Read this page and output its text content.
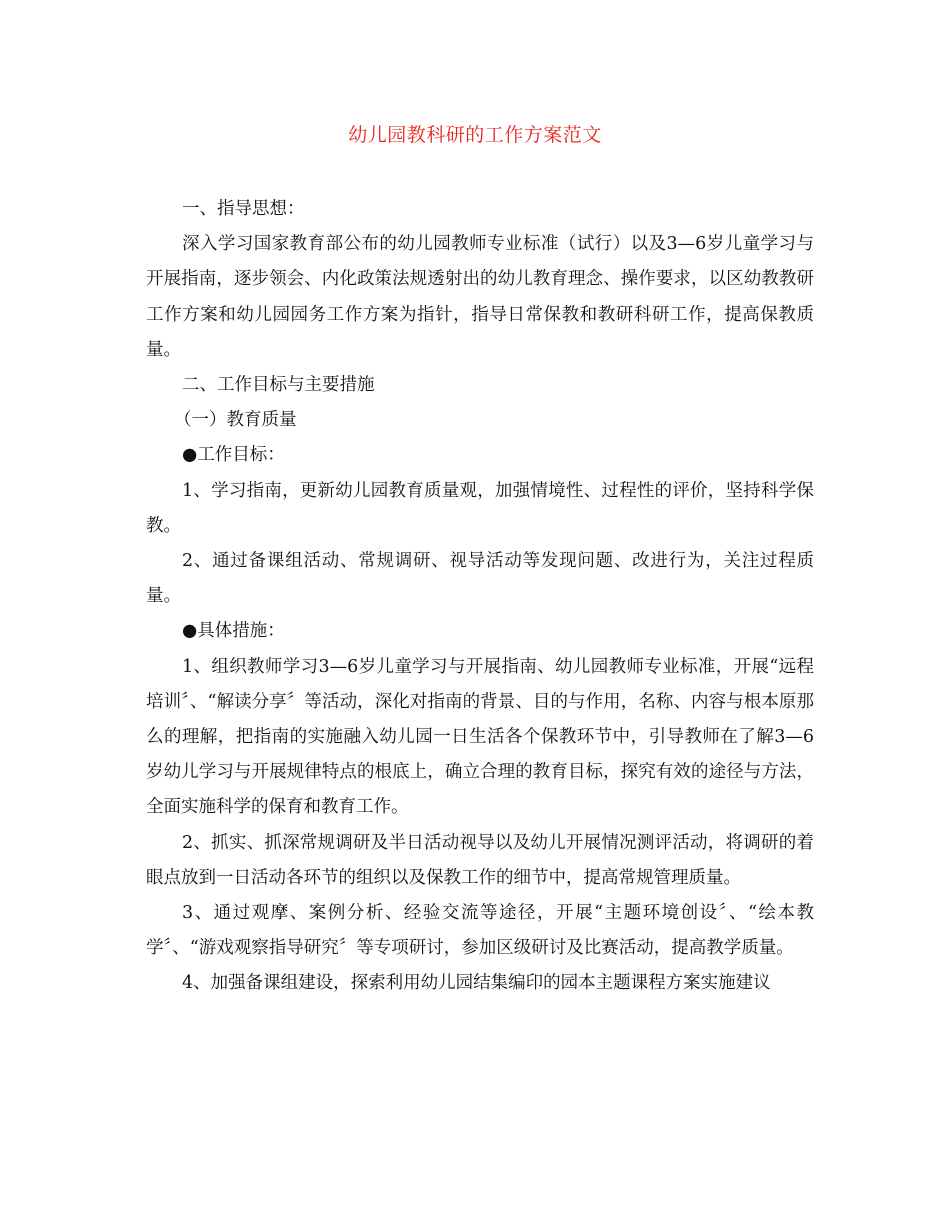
幼儿园教科研的工作方案范文

一、指导思想：

深入学习国家教育部公布的幼儿园教师专业标准（试行）以及3—6岁儿童学习与开展指南，逐步领会、内化政策法规透射出的幼儿教育理念、操作要求，以区幼教教研工作方案和幼儿园园务工作方案为指针，指导日常保教和教研科研工作，提高保教质量。

二、工作目标与主要措施

（一）教育质量

●工作目标：

1、学习指南，更新幼儿园教育质量观，加强情境性、过程性的评价，坚持科学保教。

2、通过备课组活动、常规调研、视导活动等发现问题、改进行为，关注过程质量。

●具体措施：

1、组织教师学习3—6岁儿童学习与开展指南、幼儿园教师专业标准，开展“远程培训〞、“解读分享〞等活动，深化对指南的背景、目的与作用，名称、内容与根本原那么的理解，把指南的实施融入幼儿园一日生活各个保教环节中，引导教师在了解3—6岁幼儿学习与开展规律特点的根底上，确立合理的教育目标，探究有效的途径与方法，全面实施科学的保育和教育工作。

2、抓实、抓深常规调研及半日活动视导以及幼儿开展情况测评活动，将调研的着眼点放到一日活动各环节的组织以及保教工作的细节中，提高常规管理质量。

3、通过观摩、案例分析、经验交流等途径，开展“主题环境创设〞、“绘本教学〞、“游戏观察指导研究〞等专项研讨，参加区级研讨及比赛活动，提高教学质量。

4、加强备课组建设，探索利用幼儿园结集编印的园本主题课程方案实施建议
